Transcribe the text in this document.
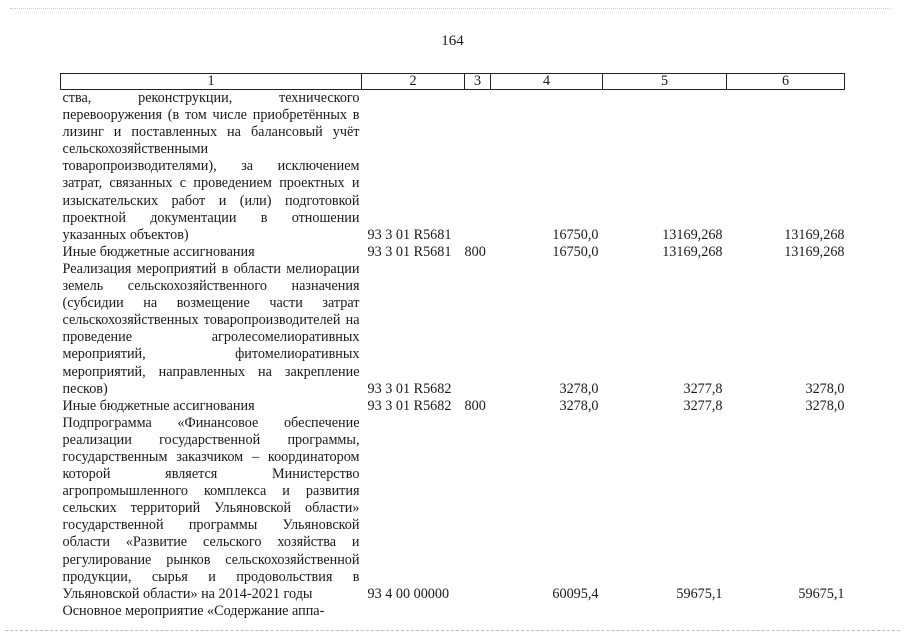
164
1	2	3	4	5	6
ства, реконструкции, технического перевооружения (в том числе приобретённых в лизинг и поставленных на балансовый учёт сельскохозяйственными товаропроизводителями), за исключением затрат, связанных с проведением проектных и изыскательских работ и (или) подготовкой проектной документации в отношении указанных объектов)	93 3 01 R5681		16750,0	13169,268	13169,268
Иные бюджетные ассигнования	93 3 01 R5681	800	16750,0	13169,268	13169,268
Реализация мероприятий в области мелиорации земель сельскохозяйственного назначения (субсидии на возмещение части затрат сельскохозяйственных товаропроизводителей на проведение агролесомелиоративных мероприятий, фитомелиоративных мероприятий, направленных на закрепление песков)	93 3 01 R5682		3278,0	3277,8	3278,0
Иные бюджетные ассигнования	93 3 01 R5682	800	3278,0	3277,8	3278,0
Подпрограмма «Финансовое обеспечение реализации государственной программы, государственным заказчиком – координатором которой является Министерство агропромышленного комплекса и развития сельских территорий Ульяновской области» государственной программы Ульяновской области «Развитие сельского хозяйства и регулирование рынков сельскохозяйственной продукции, сырья и продовольствия в Ульяновской области» на 2014-2021 годы	93 4 00 00000		60095,4	59675,1	59675,1
Основное мероприятие «Содержание аппа-					
